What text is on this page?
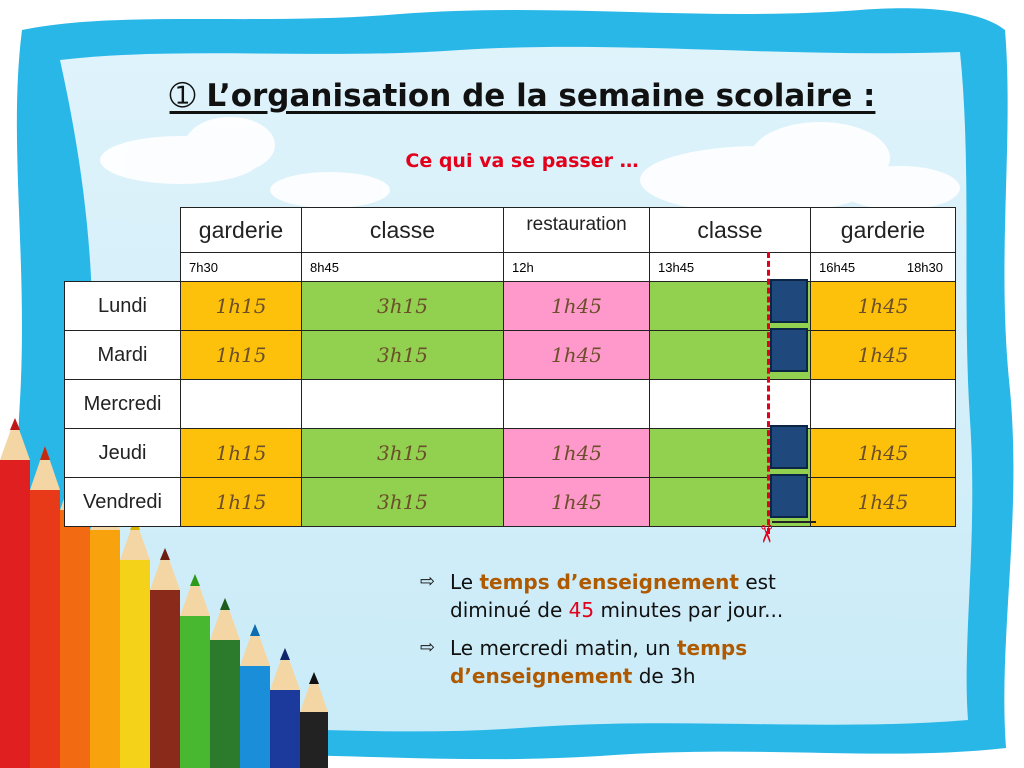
➀ L’organisation de la semaine scolaire :
Ce qui va se passer …
	garderie	classe	restauration	classe	garderie
	7h30	8h45	12h	13h45	16h45 18h30

Lundi	1h15	3h15	1h45		1h45
Mardi	1h15	3h15	1h45		1h45
Mercredi					
Jeudi	1h15	3h15	1h45		1h45
Vendredi	1h15	3h15	1h45		1h45
✂
⇨ Le temps d’enseignement est diminué de 45 minutes par jour...
⇨ Le mercredi matin, un temps d’enseignement de 3h
